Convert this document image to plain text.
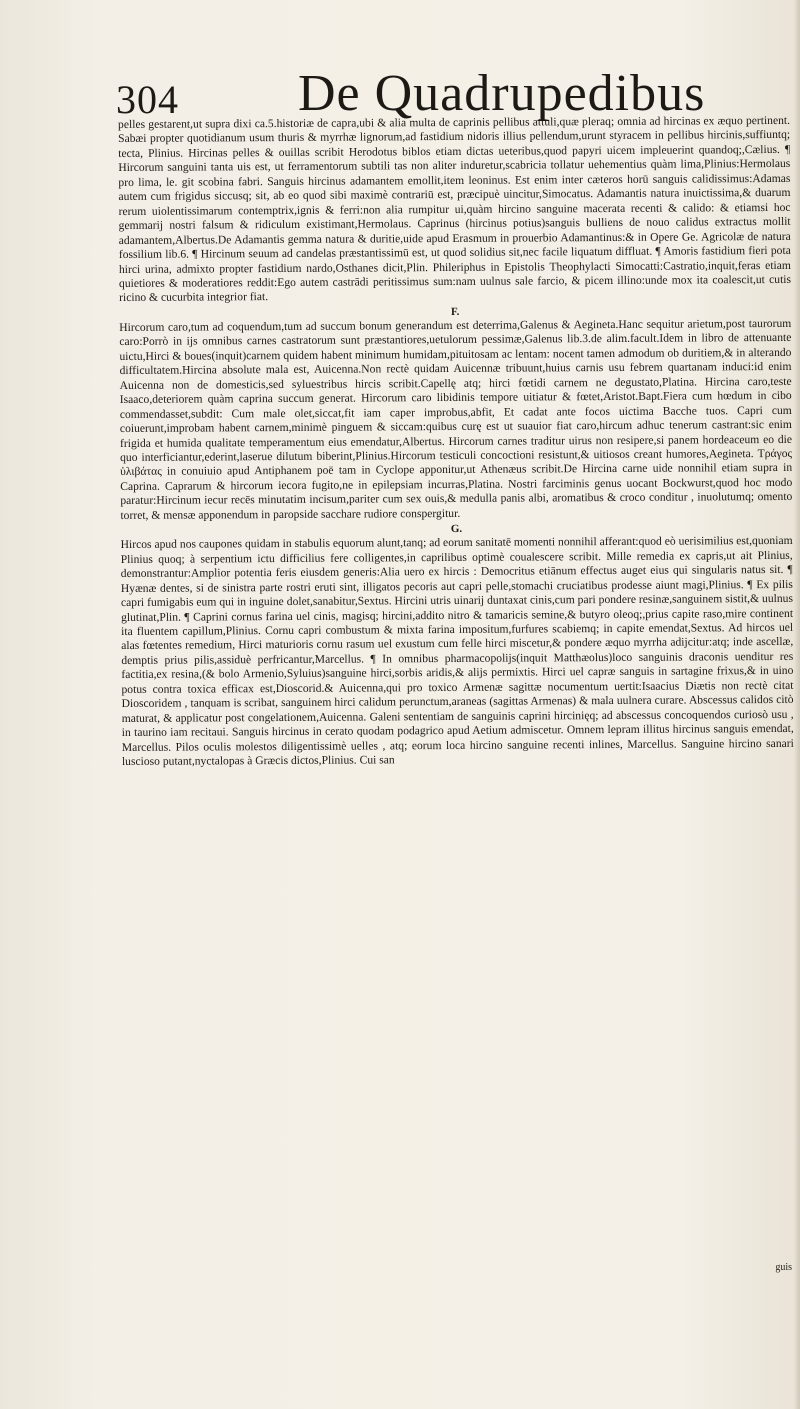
304 De Quadrupedibus

pelles gestarent,ut supra dixi ca.5.historiæ de capra,ubi & alia multa de caprinis pellibus attuli,quæ pleraq; omnia ad hircinas ex æquo pertinent. Sabæi propter quotidianum usum thuris & myrrhæ lignorum,ad fastidium nidoris illius pellendum,urunt styracem in pellibus hircinis,suffiuntq; tecta, Plinius. Hircinas pelles & ouillas scribit Herodotus biblos etiam dictas ueteribus,quod papyri uicem impleuerint quandoq;,Cælius. ¶ Hircorum sanguini tanta uis est, ut ferramentorum subtili tas non aliter induretur,scabricia tollatur uehementius quàm lima,Plinius:Hermolaus pro lima, le. git scobina fabri. Sanguis hircinus adamantem emollit,item leoninus. Est enim inter cæteros horū sanguis calidissimus:Adamas autem cum frigidus siccusq; sit, ab eo quod sibi maximè contrariū est, præcipuè uincitur,Simocatus. Adamantis natura inuictissima,& duarum rerum uiolentissimarum contemptrix,ignis & ferri:non alia rumpitur ui,quàm hircino sanguine macerata recenti & calido: & etiamsi hoc gemmarij nostri falsum & ridiculum existimant,Hermolaus. Caprinus (hircinus potius)sanguis bulliens de nouo calidus extractus mollit adamantem,Albertus.De Adamantis gemma natura & duritie,uide apud Erasmum in prouerbio Adamantinus:& in Opere Ge. Agricolæ de natura fossilium lib.6. ¶ Hircinum seuum ad candelas præstantissimū est, ut quod solidius sit,nec facile liquatum diffluat. ¶ Amoris fastidium fieri pota hirci urina, admixto propter fastidium nardo,Osthanes dicit,Plin. Phileriphus in Epistolis Theophylacti Simocatti:Castratio,inquit,feras etiam quietiores & moderatiores reddit:Ego autem castrādi peritissimus sum:nam uulnus sale farcio, & picem illino:unde mox ita coalescit,ut cutis ricino & cucurbita integrior fiat.

F.

Hircorum caro,tum ad coquendum,tum ad succum bonum generandum est deterrima,Galenus & Aegineta.Hanc sequitur arietum,post taurorum caro:Porrò in ijs omnibus carnes castratorum sunt præstantiores,uetulorum pessimæ,Galenus lib.3.de alim.facult.Idem in libro de attenuante uictu,Hirci & boues(inquit)carnem quidem habent minimum humidam,pituitosam ac lentam: nocent tamen admodum ob duritiem,& in alterando difficultatem.Hircina absolute mala est, Auicenna.Non rectè quidam Auicennæ tribuunt,huius carnis usu febrem quartanam induci:id enim Auicenna non de domesticis,sed syluestribus hircis scribit.Capellę atq; hirci fœtidi carnem ne degustato,Platina. Hircina caro,teste Isaaco,deteriorem quàm caprina succum generat. Hircorum caro libidinis tempore uitiatur & fœtet,Aristot.Bapt.Fiera cum hœdum in cibo commendasset,subdit: Cum male olet,siccat,fit iam caper improbus,abfit, Et cadat ante focos uictima Bacche tuos. Capri cum coiuerunt,improbam habent carnem,minimè pinguem & siccam:quibus curę est ut suauior fiat caro,hircum adhuc tenerum castrant:sic enim frigida et humida qualitate temperamentum eius emendatur,Albertus. Hircorum carnes traditur uirus non resipere,si panem hordeaceum eo die quo interficiantur,ederint,laserue dilutum biberint,Plinius.Hircorum testiculi concoctioni resistunt,& uitiosos creant humores,Aegineta. Τράγος ὑλιβάτας in conuiuio apud Antiphanem poë tam in Cyclope apponitur,ut Athenæus scribit.De Hircina carne uide nonnihil etiam supra in Caprina. Caprarum & hircorum iecora fugito,ne in epilepsiam incurras,Platina. Nostri farciminis genus uocant Bockwurst,quod hoc modo paratur:Hircinum iecur recēs minutatim incisum,pariter cum sex ouis,& medulla panis albi, aromatibus & croco conditur , inuolutumq; omento torret, & mensæ apponendum in paropside sacchare rudiore conspergitur.

G.

Hircos apud nos caupones quidam in stabulis equorum alunt,tanq; ad eorum sanitatē momenti nonnihil afferant:quod eò uerisimilius est,quoniam Plinius quoq; à serpentium ictu difficilius fere colligentes,in caprilibus optimè coualescere scribit. Mille remedia ex capris,ut ait Plinius, demonstrantur:Amplior potentia feris eiusdem generis:Alia uero ex hircis : Democritus etiānum effectus auget eius qui singularis natus sit. ¶ Hyænæ dentes, si de sinistra parte rostri eruti sint, illigatos pecoris aut capri pelle,stomachi cruciatibus prodesse aiunt magi,Plinius. ¶ Ex pilis capri fumigabis eum qui in inguine dolet,sanabitur,Sextus. Hircini utris uinarij duntaxat cinis,cum pari pondere resinæ,sanguinem sistit,& uulnus glutinat,Plin. ¶ Caprini cornus farina uel cinis, magisq; hircini,addito nitro & tamaricis semine,& butyro oleoq;,prius capite raso,mire continent ita fluentem capillum,Plinius. Cornu capri combustum & mixta farina impositum,furfures scabiemq; in capite emendat,Sextus. Ad hircos uel alas fœtentes remedium, Hirci maturioris cornu rasum uel exustum cum felle hirci miscetur,& pondere æquo myrrha adijcitur:atq; inde ascellæ, demptis prius pilis,assiduè perfricantur,Marcellus. ¶ In omnibus pharmacopolijs(inquit Matthæolus)loco sanguinis draconis uenditur res factitia,ex resina,(& bolo Armenio,Syluius)sanguine hirci,sorbis aridis,& alijs permixtis. Hirci uel capræ sanguis in sartagine frixus,& in uino potus contra toxica efficax est,Dioscorid.& Auicenna,qui pro toxico Armenæ sagittæ nocumentum uertit:Isaacius Diætis non rectè citat Dioscoridem , tanquam is scribat, sanguinem hirci calidum perunctum,araneas (sagittas Armenas) & mala uulnera curare. Abscessus calidos citò maturat, & applicatur post congelationem,Auicenna. Galeni sententiam de sanguinis caprini hircinięq; ad abscessus concoquendos curiosò usu , in taurino iam recitaui. Sanguis hircinus in cerato quodam podagrico apud Aetium admiscetur. Omnem lepram illitus hircinus sanguis emendat, Marcellus. Pilos oculis molestos diligentissimè uelles , atq; eorum loca hircino sanguine recenti inlines, Marcellus. Sanguine hircino sanari luscioso putant,nyctalopas à Græcis dictos,Plinius. Cui san

guis
